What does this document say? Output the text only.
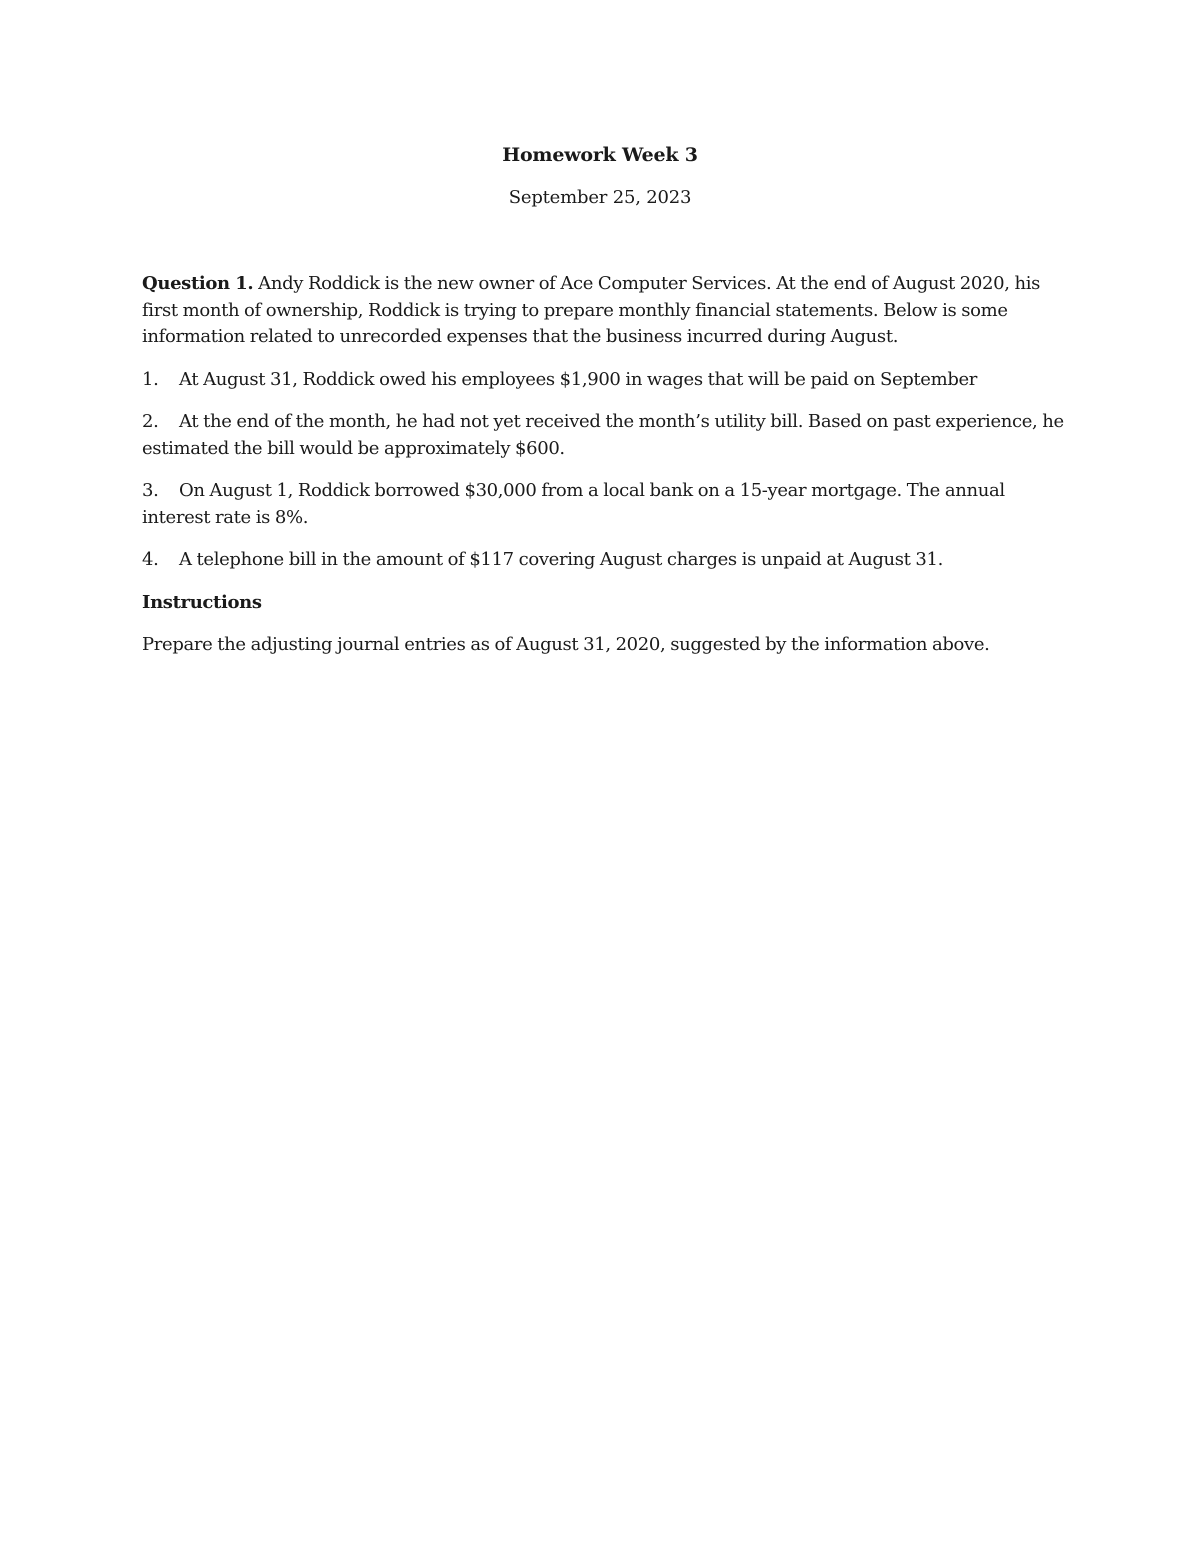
Homework Week 3
September 25, 2023

Question 1. Andy Roddick is the new owner of Ace Computer Services. At the end of August 2020, his first month of ownership, Roddick is trying to prepare monthly financial statements. Below is some information related to unrecorded expenses that the business incurred during August.

1. At August 31, Roddick owed his employees $1,900 in wages that will be paid on September

2. At the end of the month, he had not yet received the month’s utility bill. Based on past experience, he estimated the bill would be approximately $600.

3. On August 1, Roddick borrowed $30,000 from a local bank on a 15-year mortgage. The annual interest rate is 8%.

4. A telephone bill in the amount of $117 covering August charges is unpaid at August 31.

Instructions

Prepare the adjusting journal entries as of August 31, 2020, suggested by the information above.
